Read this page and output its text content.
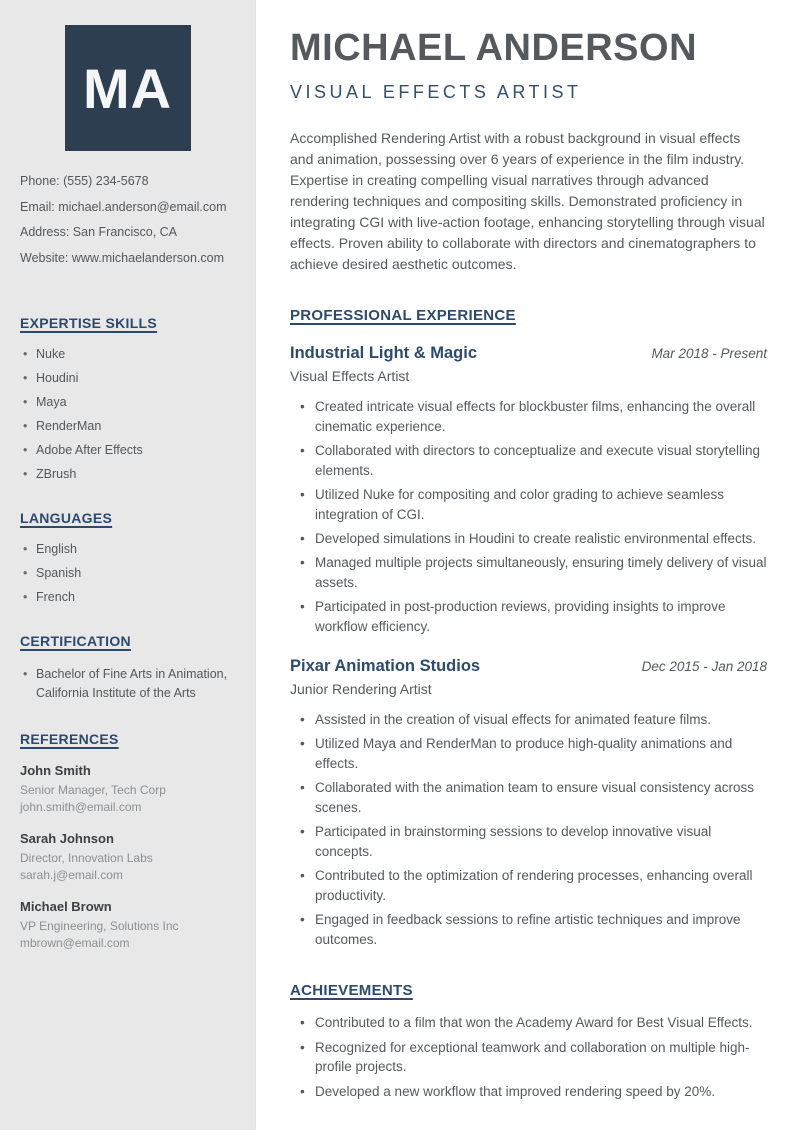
MA
Phone: (555) 234-5678
Email: michael.anderson@email.com
Address: San Francisco, CA
Website: www.michaelanderson.com
EXPERTISE SKILLS
• Nuke
• Houdini
• Maya
• RenderMan
• Adobe After Effects
• ZBrush
LANGUAGES
• English
• Spanish
• French
CERTIFICATION
• Bachelor of Fine Arts in Animation, California Institute of the Arts
REFERENCES
John Smith
Senior Manager, Tech Corp
john.smith@email.com
Sarah Johnson
Director, Innovation Labs
sarah.j@email.com
Michael Brown
VP Engineering, Solutions Inc
mbrown@email.com
MICHAEL ANDERSON
VISUAL EFFECTS ARTIST

Accomplished Rendering Artist with a robust background in visual effects and animation, possessing over 6 years of experience in the film industry. Expertise in creating compelling visual narratives through advanced rendering techniques and compositing skills. Demonstrated proficiency in integrating CGI with live-action footage, enhancing storytelling through visual effects. Proven ability to collaborate with directors and cinematographers to achieve desired aesthetic outcomes.

PROFESSIONAL EXPERIENCE
Industrial Light & Magic	Mar 2018 - Present
Visual Effects Artist
• Created intricate visual effects for blockbuster films, enhancing the overall cinematic experience.
• Collaborated with directors to conceptualize and execute visual storytelling elements.
• Utilized Nuke for compositing and color grading to achieve seamless integration of CGI.
• Developed simulations in Houdini to create realistic environmental effects.
• Managed multiple projects simultaneously, ensuring timely delivery of visual assets.
• Participated in post-production reviews, providing insights to improve workflow efficiency.
Pixar Animation Studios	Dec 2015 - Jan 2018
Junior Rendering Artist
• Assisted in the creation of visual effects for animated feature films.
• Utilized Maya and RenderMan to produce high-quality animations and effects.
• Collaborated with the animation team to ensure visual consistency across scenes.
• Participated in brainstorming sessions to develop innovative visual concepts.
• Contributed to the optimization of rendering processes, enhancing overall productivity.
• Engaged in feedback sessions to refine artistic techniques and improve outcomes.
ACHIEVEMENTS
• Contributed to a film that won the Academy Award for Best Visual Effects.
• Recognized for exceptional teamwork and collaboration on multiple high-profile projects.
• Developed a new workflow that improved rendering speed by 20%.
